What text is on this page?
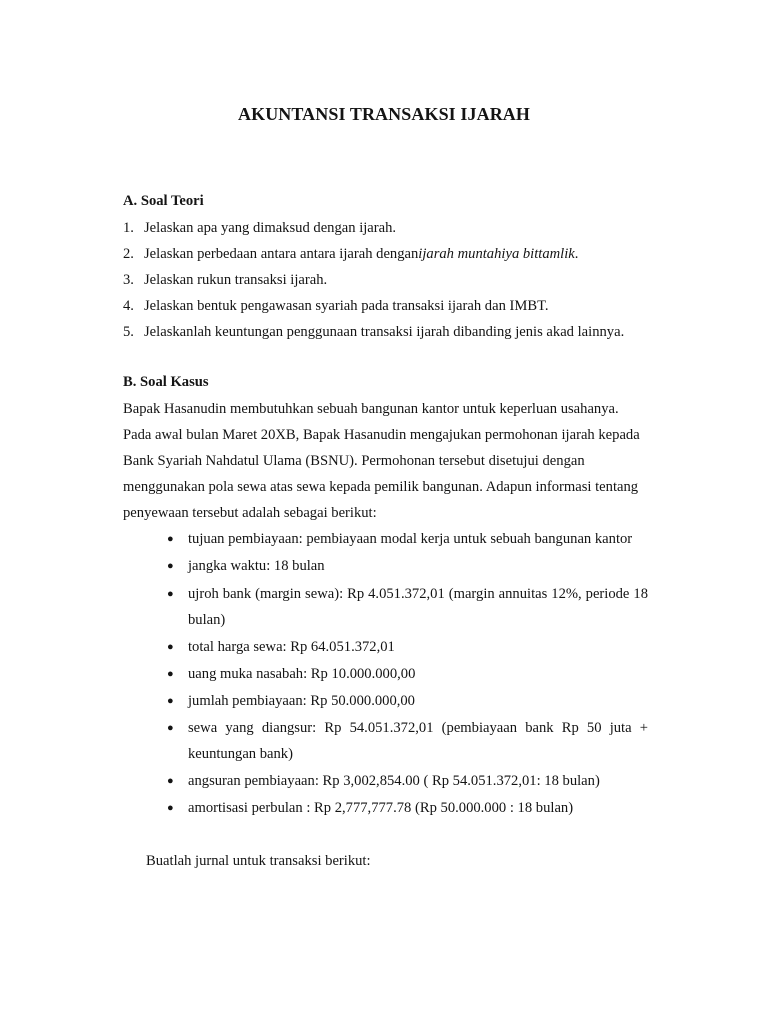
AKUNTANSI TRANSAKSI IJARAH
A. Soal Teori
1. Jelaskan apa yang dimaksud dengan ijarah.
2. Jelaskan perbedaan antara antara ijarah denganijarah muntahiya bittamlik.
3. Jelaskan rukun transaksi ijarah.
4. Jelaskan bentuk pengawasan syariah pada transaksi ijarah dan IMBT.
5. Jelaskanlah keuntungan penggunaan transaksi ijarah dibanding jenis akad lainnya.
B. Soal Kasus
Bapak Hasanudin membutuhkan sebuah bangunan kantor untuk keperluan usahanya.
Pada awal bulan Maret 20XB, Bapak Hasanudin mengajukan permohonan ijarah kepada
Bank Syariah Nahdatul Ulama (BSNU). Permohonan tersebut disetujui dengan
menggunakan pola sewa atas sewa kepada pemilik bangunan. Adapun informasi tentang
penyewaan tersebut adalah sebagai berikut:
● tujuan pembiayaan: pembiayaan modal kerja untuk sebuah bangunan kantor
● jangka waktu: 18 bulan
● ujroh bank (margin sewa): Rp 4.051.372,01 (margin annuitas 12%, periode 18
bulan)
● total harga sewa: Rp 64.051.372,01
● uang muka nasabah: Rp 10.000.000,00
● jumlah pembiayaan: Rp 50.000.000,00
● sewa yang diangsur: Rp 54.051.372,01 (pembiayaan bank Rp 50 juta +
keuntungan bank)
● angsuran pembiayaan: Rp 3,002,854.00 ( Rp 54.051.372,01: 18 bulan)
● amortisasi perbulan : Rp 2,777,777.78 (Rp 50.000.000 : 18 bulan)
Buatlah jurnal untuk transaksi berikut:
